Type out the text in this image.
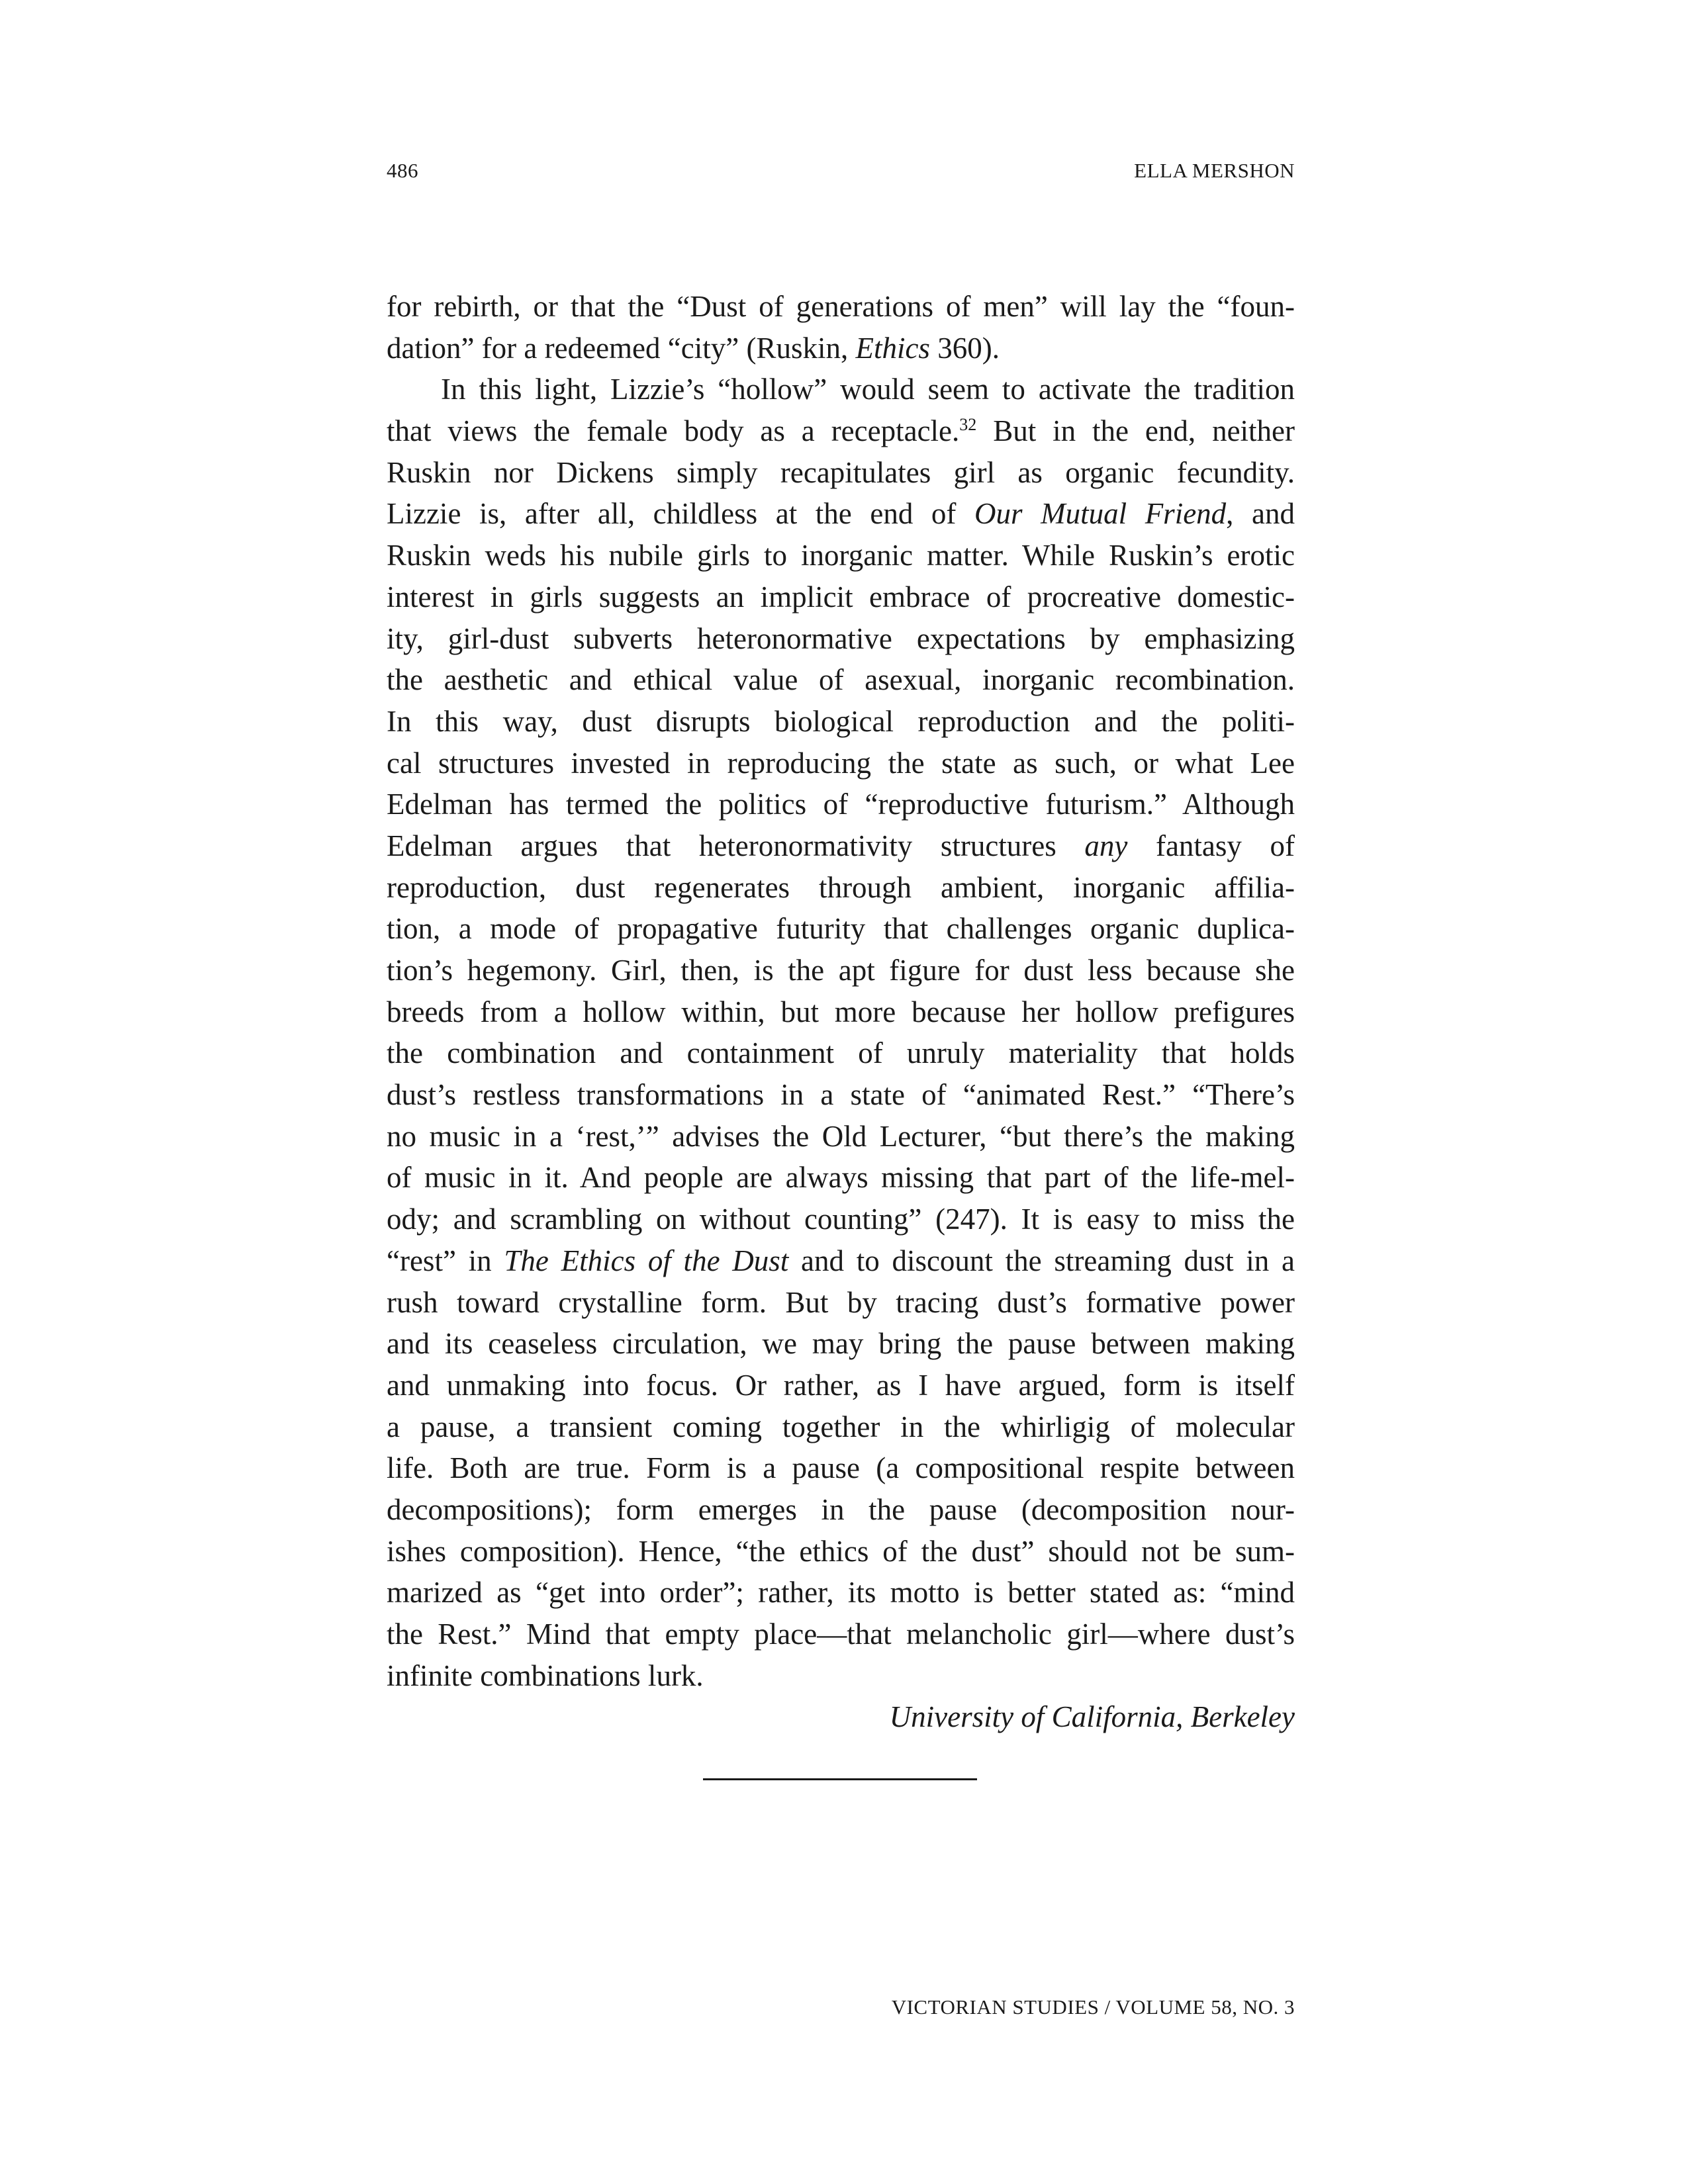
486	ELLA MERSHON
for rebirth, or that the “Dust of generations of men” will lay the “foun-
dation” for a redeemed “city” (Ruskin, Ethics 360).
In this light, Lizzie’s “hollow” would seem to activate the tradition
that views the female body as a receptacle.$^{32}$ But in the end, neither
Ruskin nor Dickens simply recapitulates girl as organic fecundity.
Lizzie is, after all, childless at the end of Our Mutual Friend, and
Ruskin weds his nubile girls to inorganic matter. While Ruskin’s erotic
interest in girls suggests an implicit embrace of procreative domestic-
ity, girl-dust subverts heteronormative expectations by emphasizing
the aesthetic and ethical value of asexual, inorganic recombination.
In this way, dust disrupts biological reproduction and the politi-
cal structures invested in reproducing the state as such, or what Lee
Edelman has termed the politics of “reproductive futurism.” Although
Edelman argues that heteronormativity structures any fantasy of
reproduction, dust regenerates through ambient, inorganic affilia-
tion, a mode of propagative futurity that challenges organic duplica-
tion’s hegemony. Girl, then, is the apt figure for dust less because she
breeds from a hollow within, but more because her hollow prefigures
the combination and containment of unruly materiality that holds
dust’s restless transformations in a state of “animated Rest.” “There’s
no music in a ‘rest,’” advises the Old Lecturer, “but there’s the making
of music in it. And people are always missing that part of the life-mel-
ody; and scrambling on without counting” (247). It is easy to miss the
“rest” in The Ethics of the Dust and to discount the streaming dust in a
rush toward crystalline form. But by tracing dust’s formative power
and its ceaseless circulation, we may bring the pause between making
and unmaking into focus. Or rather, as I have argued, form is itself
a pause, a transient coming together in the whirligig of molecular
life. Both are true. Form is a pause (a compositional respite between
decompositions); form emerges in the pause (decomposition nour-
ishes composition). Hence, “the ethics of the dust” should not be sum-
marized as “get into order”; rather, its motto is better stated as: “mind
the Rest.” Mind that empty place—that melancholic girl—where dust’s
infinite combinations lurk.
University of California, Berkeley
VICTORIAN STUDIES / VOLUME 58, NO. 3
